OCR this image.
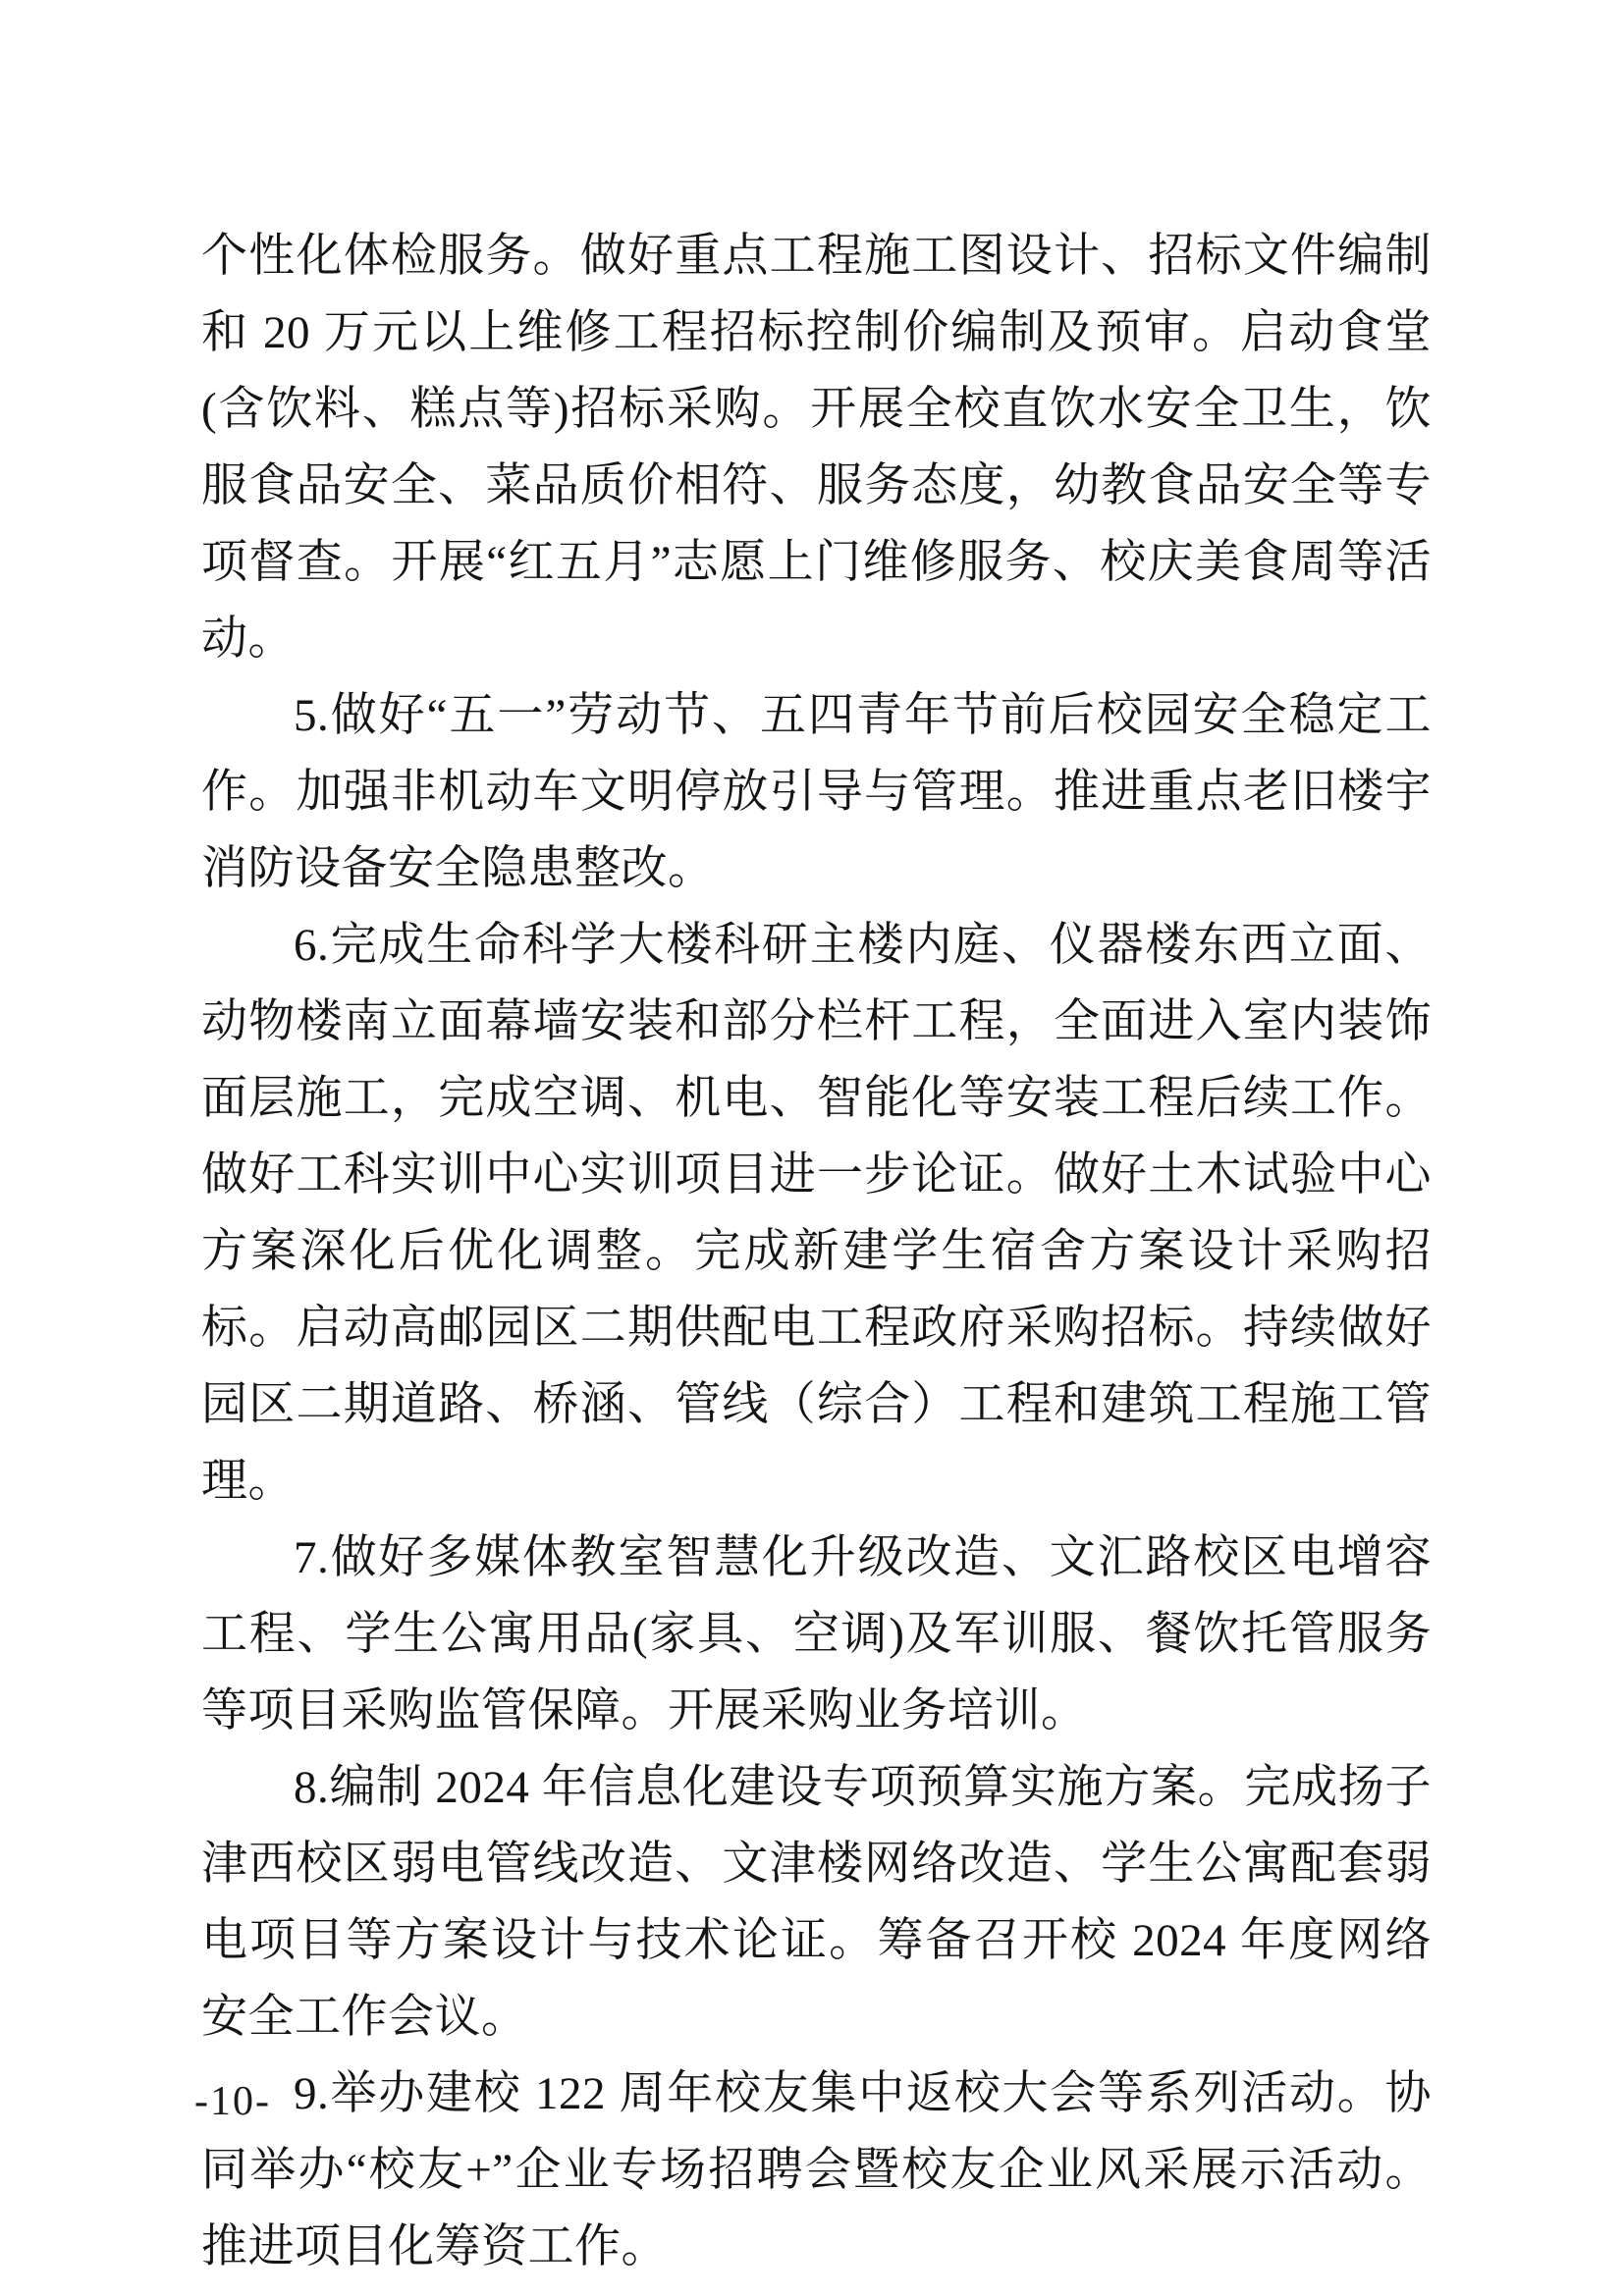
个性化体检服务。做好重点工程施工图设计、招标文件编制和 20 万元以上维修工程招标控制价编制及预审。启动食堂(含饮料、糕点等)招标采购。开展全校直饮水安全卫生，饮服食品安全、菜品质价相符、服务态度，幼教食品安全等专项督查。开展“红五月”志愿上门维修服务、校庆美食周等活动。

5.做好“五一”劳动节、五四青年节前后校园安全稳定工作。加强非机动车文明停放引导与管理。推进重点老旧楼宇消防设备安全隐患整改。

6.完成生命科学大楼科研主楼内庭、仪器楼东西立面、动物楼南立面幕墙安装和部分栏杆工程，全面进入室内装饰面层施工，完成空调、机电、智能化等安装工程后续工作。做好工科实训中心实训项目进一步论证。做好土木试验中心方案深化后优化调整。完成新建学生宿舍方案设计采购招标。启动高邮园区二期供配电工程政府采购招标。持续做好园区二期道路、桥涵、管线（综合）工程和建筑工程施工管理。

7.做好多媒体教室智慧化升级改造、文汇路校区电增容工程、学生公寓用品(家具、空调)及军训服、餐饮托管服务等项目采购监管保障。开展采购业务培训。

8.编制 2024 年信息化建设专项预算实施方案。完成扬子津西校区弱电管线改造、文津楼网络改造、学生公寓配套弱电项目等方案设计与技术论证。筹备召开校 2024 年度网络安全工作会议。

9.举办建校 122 周年校友集中返校大会等系列活动。协同举办“校友+”企业专场招聘会暨校友企业风采展示活动。推进项目化筹资工作。

-10-
